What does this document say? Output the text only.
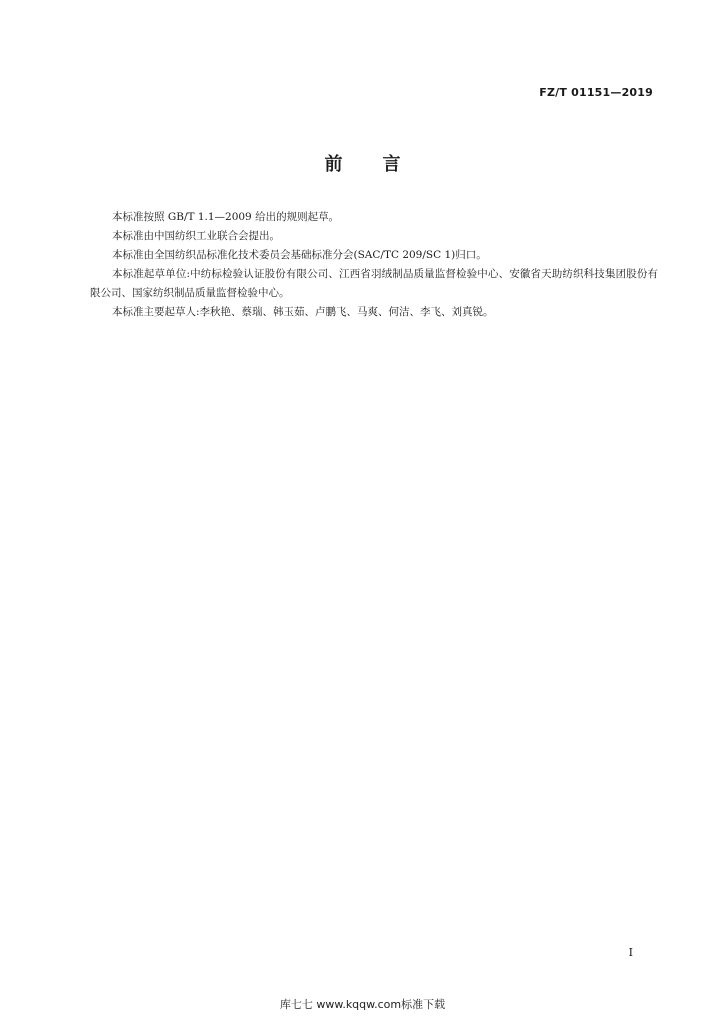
FZ/T 01151—2019
前言

本标准按照 GB/T 1.1—2009 给出的规则起草。

本标准由中国纺织工业联合会提出。

本标准由全国纺织品标准化技术委员会基础标准分会(SAC/TC 209/SC 1)归口。

本标准起草单位:中纺标检验认证股份有限公司、江西省羽绒制品质量监督检验中心、安徽省天助纺织科技集团股份有限公司、国家纺织制品质量监督检验中心。

本标准主要起草人:李秋艳、蔡瑞、韩玉茹、卢鹏飞、马爽、何洁、李飞、刘真锐。

I
库七七 www.kqqw.com标准下载
